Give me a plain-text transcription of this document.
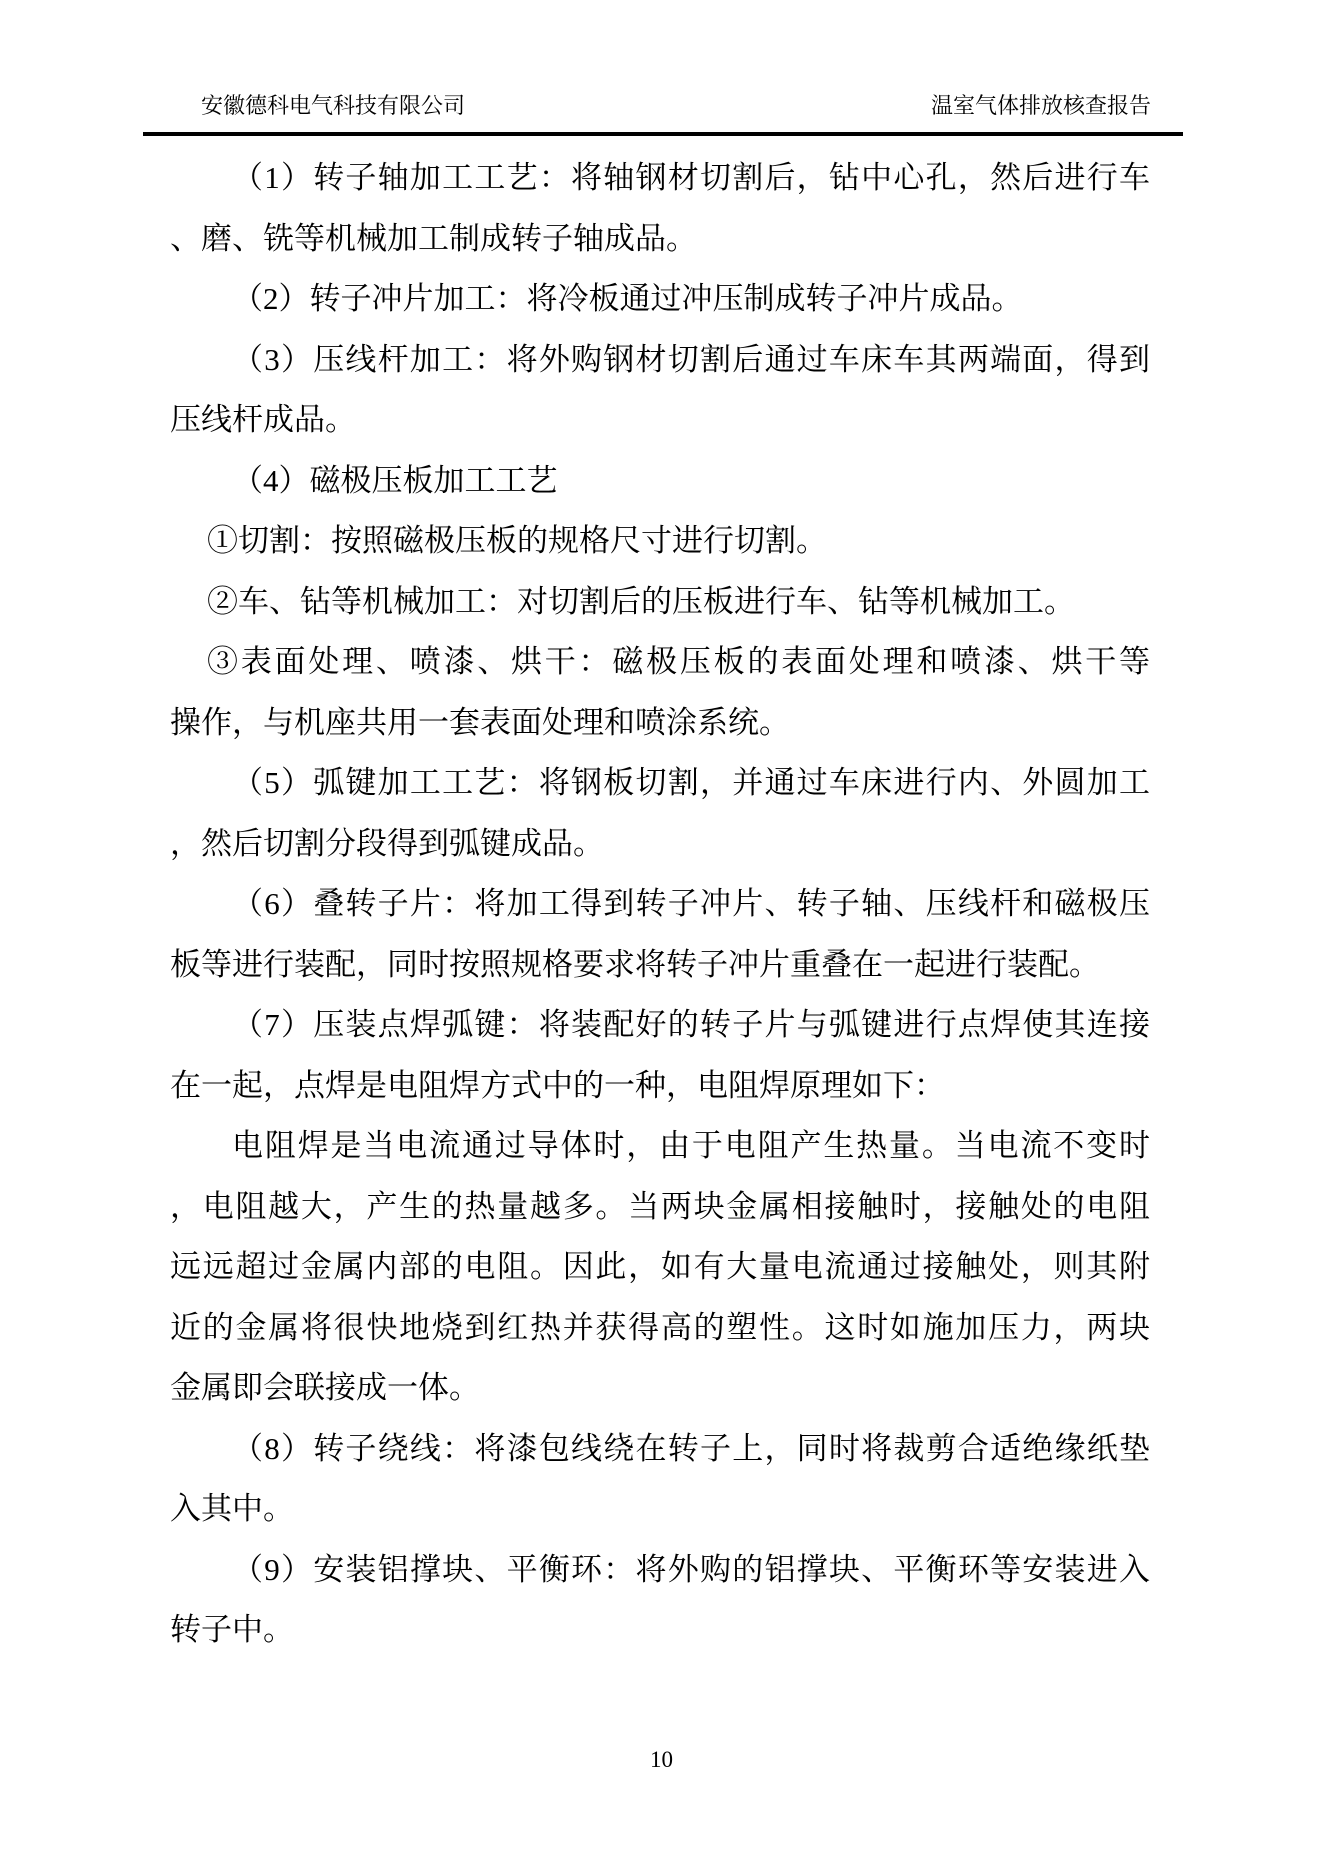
安徽德科电气科技有限公司	温室气体排放核查报告
（1）转子轴加工工艺：将轴钢材切割后，钻中心孔，然后进行车
、磨、铣等机械加工制成转子轴成品。
（2）转子冲片加工：将冷板通过冲压制成转子冲片成品。
（3）压线杆加工：将外购钢材切割后通过车床车其两端面，得到
压线杆成品。
（4）磁极压板加工工艺
①切割：按照磁极压板的规格尺寸进行切割。
②车、钻等机械加工：对切割后的压板进行车、钻等机械加工。
③表面处理、喷漆、烘干：磁极压板的表面处理和喷漆、烘干等
操作，与机座共用一套表面处理和喷涂系统。
（5）弧键加工工艺：将钢板切割，并通过车床进行内、外圆加工
，然后切割分段得到弧键成品。
（6）叠转子片：将加工得到转子冲片、转子轴、压线杆和磁极压
板等进行装配，同时按照规格要求将转子冲片重叠在一起进行装配。
（7）压装点焊弧键：将装配好的转子片与弧键进行点焊使其连接
在一起，点焊是电阻焊方式中的一种，电阻焊原理如下：
电阻焊是当电流通过导体时，由于电阻产生热量。当电流不变时
，电阻越大，产生的热量越多。当两块金属相接触时，接触处的电阻
远远超过金属内部的电阻。因此，如有大量电流通过接触处，则其附
近的金属将很快地烧到红热并获得高的塑性。这时如施加压力，两块
金属即会联接成一体。
（8）转子绕线：将漆包线绕在转子上，同时将裁剪合适绝缘纸垫
入其中。
（9）安装铝撑块、平衡环：将外购的铝撑块、平衡环等安装进入
转子中。
10
